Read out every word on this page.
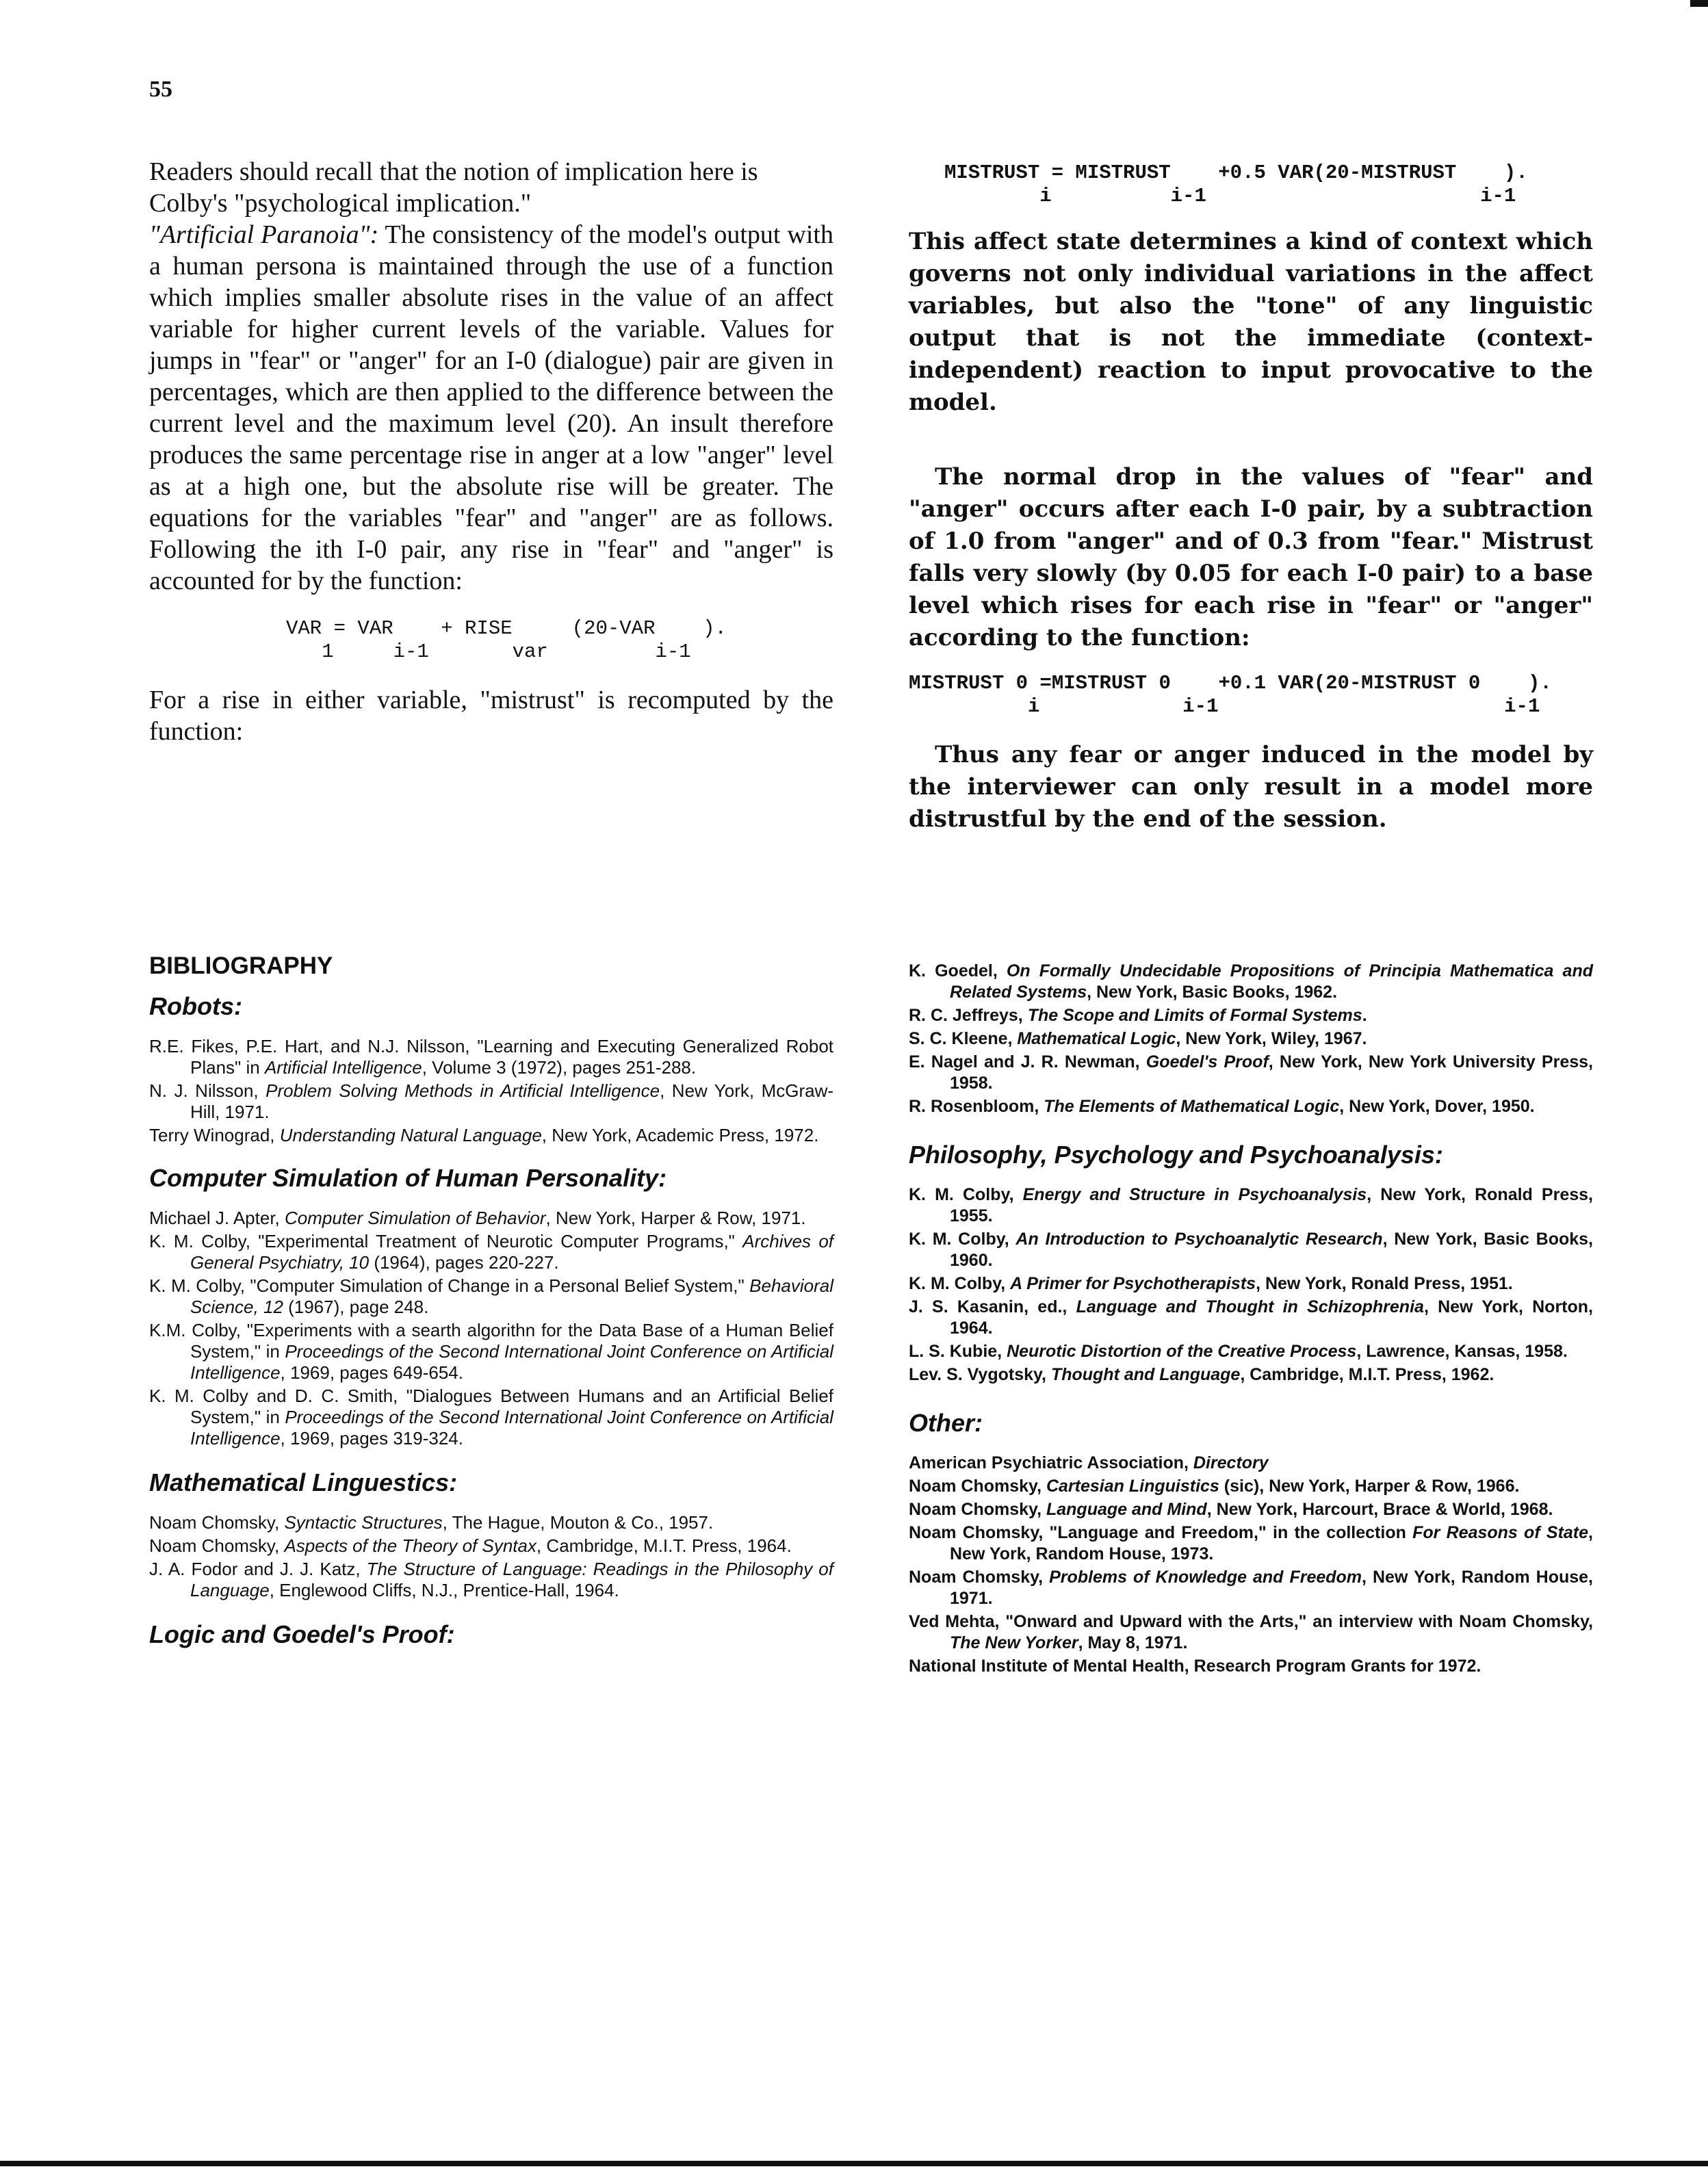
55

Readers should recall that the notion of implication here is Colby's "psychological implication."

"Artificial Paranoia": The consistency of the model's output with a human persona is maintained through the use of a function which implies smaller absolute rises in the value of an affect variable for higher current levels of the variable. Values for jumps in "fear" or "anger" for an I-0 (dialogue) pair are given in percentages, which are then applied to the difference between the current level and the maximum level (20). An insult therefore produces the same percentage rise in anger at a low "anger" level as at a high one, but the absolute rise will be greater. The equations for the variables "fear" and "anger" are as follows. Following the ith I-0 pair, any rise in "fear" and "anger" is accounted for by the function:

VAR = VAR    + RISE     (20-VAR    ).
1     i-1       var         i-1

For a rise in either variable, "mistrust" is recomputed by the function:

MISTRUST = MISTRUST    +0.5 VAR(20-MISTRUST    ).
i          i-1                       i-1

This affect state determines a kind of context which governs not only individual variations in the affect variables, but also the "tone" of any linguistic output that is not the immediate (context-independent) reaction to input provocative to the model.

The normal drop in the values of "fear" and "anger" occurs after each I-0 pair, by a subtraction of 1.0 from "anger" and of 0.3 from "fear." Mistrust falls very slowly (by 0.05 for each I-0 pair) to a base level which rises for each rise in "fear" or "anger" according to the function:

MISTRUST 0 =MISTRUST 0    +0.1 VAR(20-MISTRUST 0    ).
i            i-1                        i-1

Thus any fear or anger induced in the model by the interviewer can only result in a model more distrustful by the end of the session.

BIBLIOGRAPHY
Robots:
R.E. Fikes, P.E. Hart, and N.J. Nilsson, "Learning and Executing Generalized Robot Plans" in Artificial Intelligence, Volume 3 (1972), pages 251-288.
N. J. Nilsson, Problem Solving Methods in Artificial Intelligence, New York, McGraw-Hill, 1971.
Terry Winograd, Understanding Natural Language, New York, Academic Press, 1972.
Computer Simulation of Human Personality:
Michael J. Apter, Computer Simulation of Behavior, New York, Harper & Row, 1971.
K. M. Colby, "Experimental Treatment of Neurotic Computer Programs," Archives of General Psychiatry, 10 (1964), pages 220-227.
K. M. Colby, "Computer Simulation of Change in a Personal Belief System," Behavioral Science, 12 (1967), page 248.
K.M. Colby, "Experiments with a searth algorithn for the Data Base of a Human Belief System," in Proceedings of the Second International Joint Conference on Artificial Intelligence, 1969, pages 649-654.
K. M. Colby and D. C. Smith, "Dialogues Between Humans and an Artificial Belief System," in Proceedings of the Second International Joint Conference on Artificial Intelligence, 1969, pages 319-324.
Mathematical Linguestics:
Noam Chomsky, Syntactic Structures, The Hague, Mouton & Co., 1957.
Noam Chomsky, Aspects of the Theory of Syntax, Cambridge, M.I.T. Press, 1964.
J. A. Fodor and J. J. Katz, The Structure of Language: Readings in the Philosophy of Language, Englewood Cliffs, N.J., Prentice-Hall, 1964.
Logic and Goedel's Proof:
K. Goedel, On Formally Undecidable Propositions of Principia Mathematica and Related Systems, New York, Basic Books, 1962.
R. C. Jeffreys, The Scope and Limits of Formal Systems.
S. C. Kleene, Mathematical Logic, New York, Wiley, 1967.
E. Nagel and J. R. Newman, Goedel's Proof, New York, New York University Press, 1958.
R. Rosenbloom, The Elements of Mathematical Logic, New York, Dover, 1950.
Philosophy, Psychology and Psychoanalysis:
K. M. Colby, Energy and Structure in Psychoanalysis, New York, Ronald Press, 1955.
K. M. Colby, An Introduction to Psychoanalytic Research, New York, Basic Books, 1960.
K. M. Colby, A Primer for Psychotherapists, New York, Ronald Press, 1951.
J. S. Kasanin, ed., Language and Thought in Schizophrenia, New York, Norton, 1964.
L. S. Kubie, Neurotic Distortion of the Creative Process, Lawrence, Kansas, 1958.
Lev. S. Vygotsky, Thought and Language, Cambridge, M.I.T. Press, 1962.
Other:
American Psychiatric Association, Directory
Noam Chomsky, Cartesian Linguistics (sic), New York, Harper & Row, 1966.
Noam Chomsky, Language and Mind, New York, Harcourt, Brace & World, 1968.
Noam Chomsky, "Language and Freedom," in the collection For Reasons of State, New York, Random House, 1973.
Noam Chomsky, Problems of Knowledge and Freedom, New York, Random House, 1971.
Ved Mehta, "Onward and Upward with the Arts," an interview with Noam Chomsky, The New Yorker, May 8, 1971.
National Institute of Mental Health, Research Program Grants for 1972.
